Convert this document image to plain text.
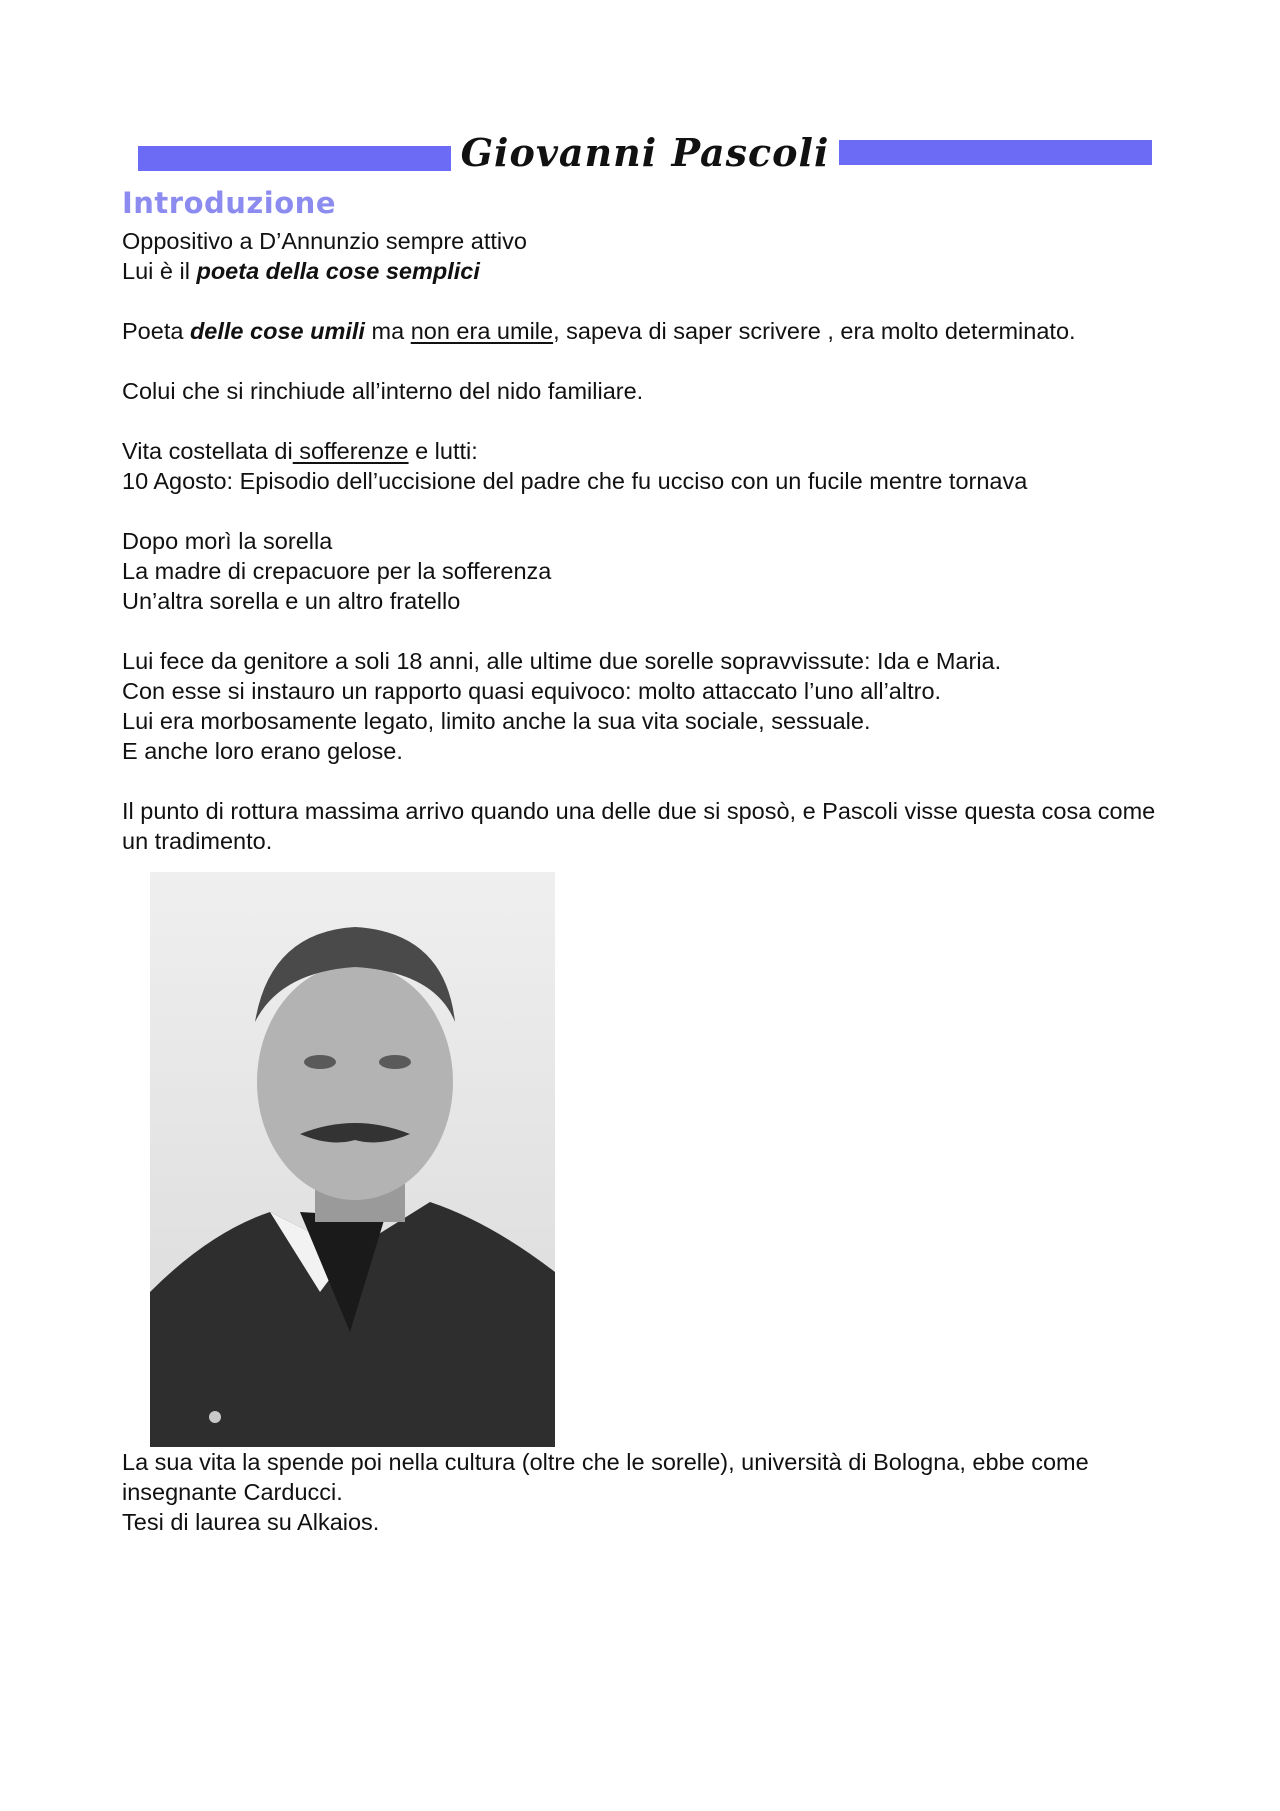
Giovanni Pascoli
Introduzione

Oppositivo a D’Annunzio sempre attivo

Lui è il poeta della cose semplici

Poeta delle cose umili ma non era umile, sapeva di saper scrivere , era molto determinato.

Colui che si rinchiude all’interno del nido familiare.

Vita costellata di sofferenze e lutti:

10 Agosto: Episodio dell’uccisione del padre che fu ucciso con un fucile mentre tornava

Dopo morì la sorella

La madre di crepacuore per la sofferenza

Un’altra sorella e un altro fratello

Lui fece da genitore a soli 18 anni, alle ultime due sorelle sopravvissute: Ida e Maria.

Con esse si instauro un rapporto quasi equivoco: molto attaccato l’uno all’altro.

Lui era morbosamente legato, limito anche la sua vita sociale, sessuale.

E anche loro erano gelose.

Il punto di rottura massima arrivo quando una delle due si sposò, e Pascoli visse questa cosa come un tradimento.

La sua vita la spende poi nella cultura (oltre che le sorelle), università di Bologna, ebbe come insegnante Carducci.

Tesi di laurea su Alkaios.
